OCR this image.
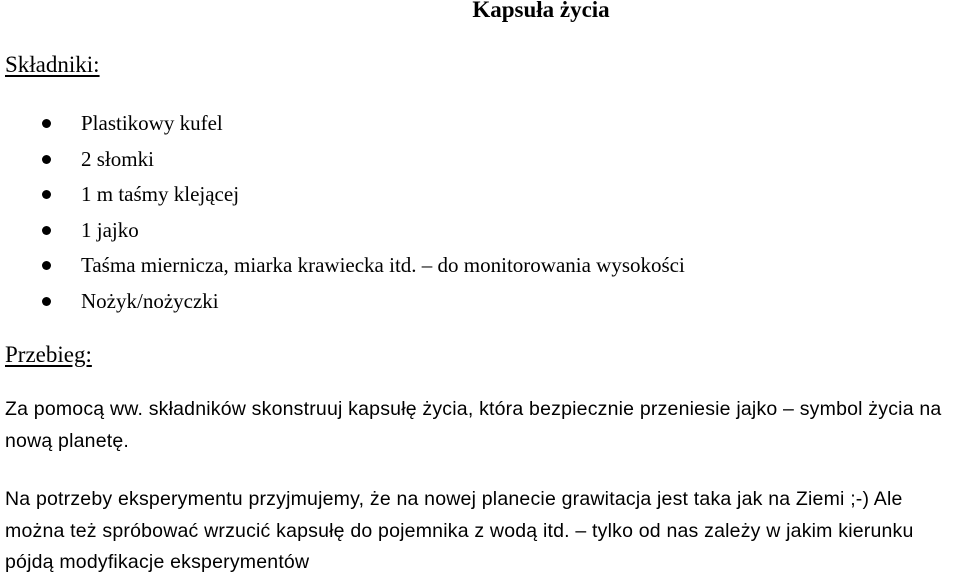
Kapsuła życia
Składniki:
Plastikowy kufel
2 słomki
1 m taśmy klejącej
1 jajko
Taśma miernicza, miarka krawiecka itd. – do monitorowania wysokości
Nożyk/nożyczki
Przebieg:

Za pomocą ww. składników skonstruuj kapsułę życia, która bezpiecznie przeniesie jajko – symbol życia na nową planetę.

Na potrzeby eksperymentu przyjmujemy, że na nowej planecie grawitacja jest taka jak na Ziemi ;-) Ale można też spróbować wrzucić kapsułę do pojemnika z wodą itd. – tylko od nas zależy w jakim kierunku pójdą modyfikacje eksperymentów
